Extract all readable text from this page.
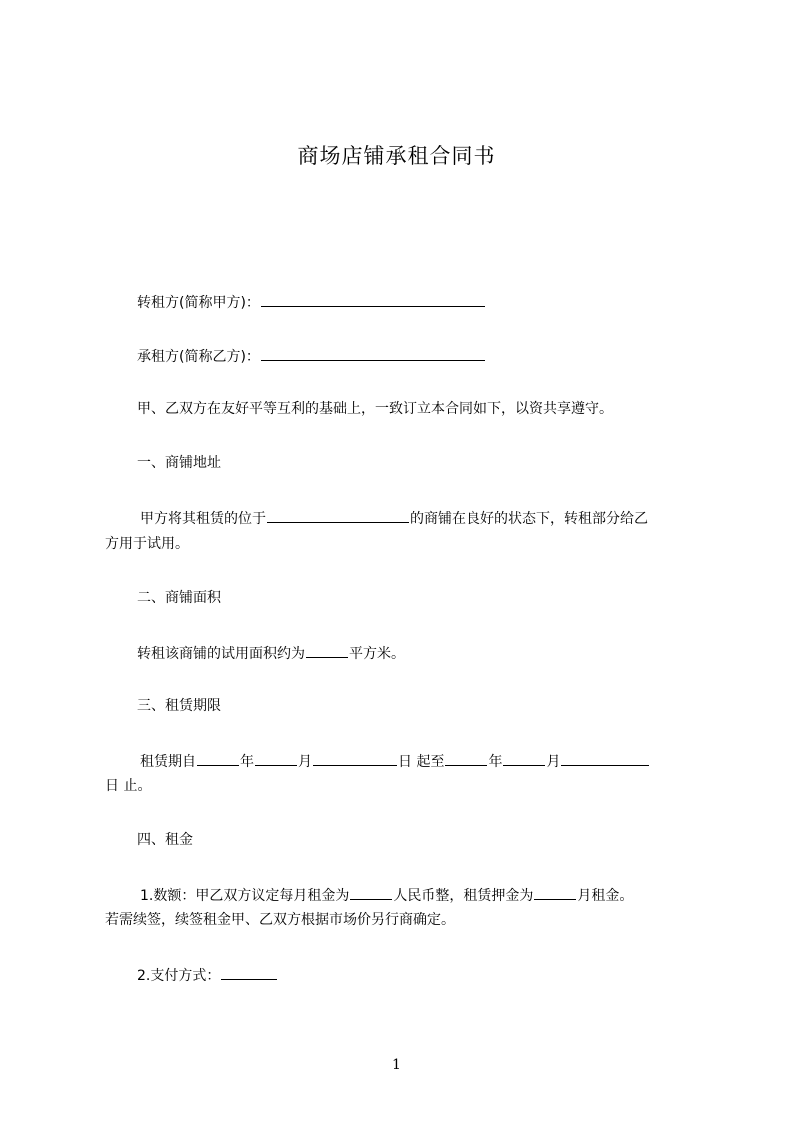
商场店铺承租合同书
转租方(简称甲方)：
承租方(简称乙方)：
甲、乙双方在友好平等互利的基础上，一致订立本合同如下，以资共享遵守。
一、商铺地址
甲方将其租赁的位于	的商铺在良好的状态下，转租部分给乙
方用于试用。
二、商铺面积
转租该商铺的试用面积约为	平方米。
三、租赁期限
租赁期自	年	月	日 起至	年	月
日 止。
四、租金
1.数额：甲乙双方议定每月租金为	人民币整，租赁押金为	月租金。
若需续签，续签租金甲、乙双方根据市场价另行商确定。
2.支付方式：
1
